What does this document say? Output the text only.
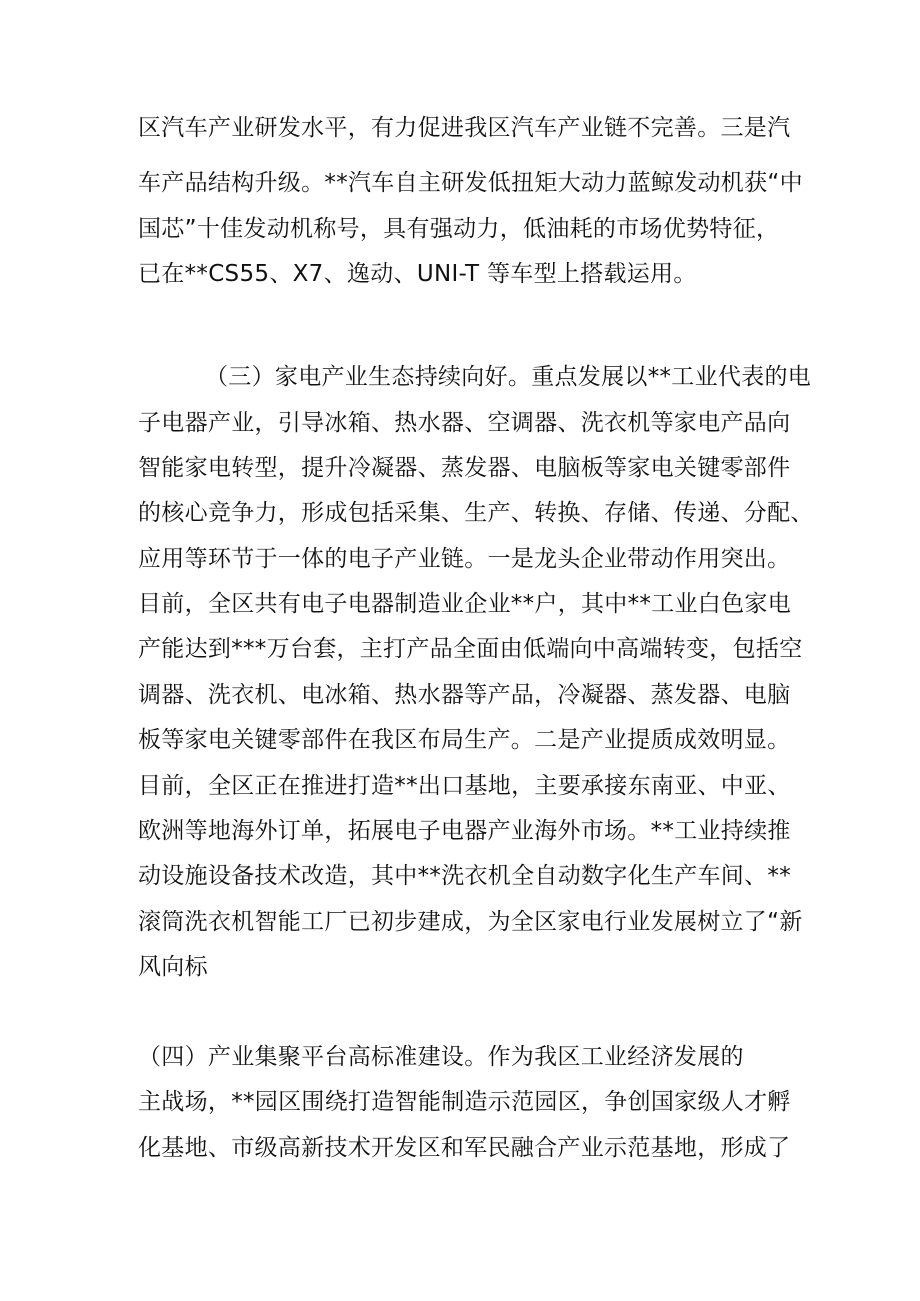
区汽车产业研发水平，有力促进我区汽车产业链不完善。三是汽
车产品结构升级。**汽车自主研发低扭矩大动力蓝鲸发动机获“中
国芯”十佳发动机称号，具有强动力，低油耗的市场优势特征，
已在**CS55、X7、逸动、UNI-T 等车型上搭载运用。
（三）家电产业生态持续向好。重点发展以**工业代表的电
子电器产业，引导冰箱、热水器、空调器、洗衣机等家电产品向
智能家电转型，提升冷凝器、蒸发器、电脑板等家电关键零部件
的核心竞争力，形成包括采集、生产、转换、存储、传递、分配、
应用等环节于一体的电子产业链。一是龙头企业带动作用突出。
目前，全区共有电子电器制造业企业**户，其中**工业白色家电
产能达到***万台套，主打产品全面由低端向中高端转变，包括空
调器、洗衣机、电冰箱、热水器等产品，冷凝器、蒸发器、电脑
板等家电关键零部件在我区布局生产。二是产业提质成效明显。
目前，全区正在推进打造**出口基地，主要承接东南亚、中亚、
欧洲等地海外订单，拓展电子电器产业海外市场。**工业持续推
动设施设备技术改造，其中**洗衣机全自动数字化生产车间、**
滚筒洗衣机智能工厂已初步建成，为全区家电行业发展树立了“新
风向标
（四）产业集聚平台高标准建设。作为我区工业经济发展的
主战场，**园区围绕打造智能制造示范园区，争创国家级人才孵
化基地、市级高新技术开发区和军民融合产业示范基地，形成了
